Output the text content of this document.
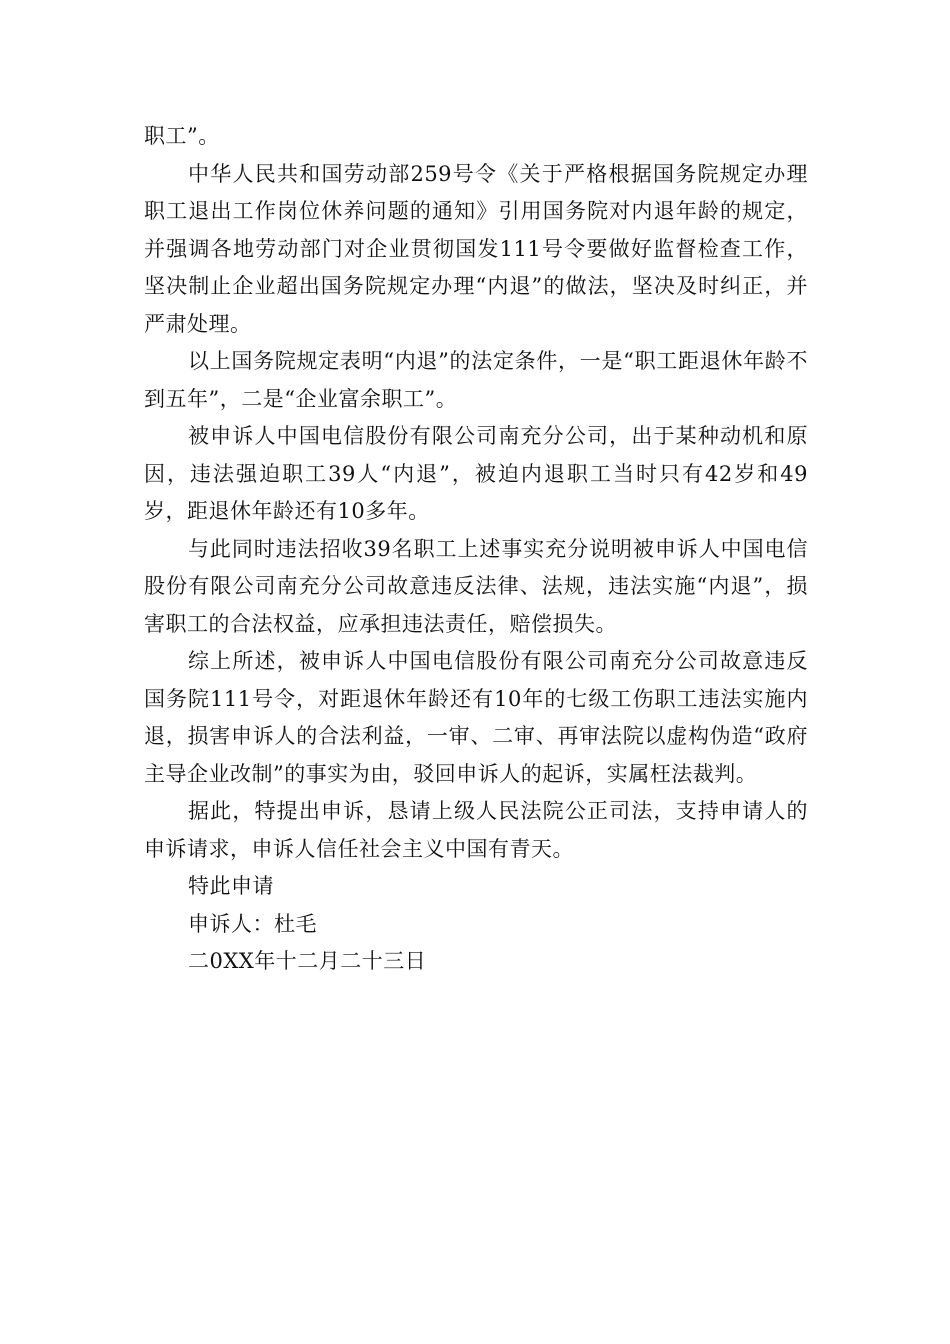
职工”。

中华人民共和国劳动部259号令《关于严格根据国务院规定办理职工退出工作岗位休养问题的通知》引用国务院对内退年龄的规定，并强调各地劳动部门对企业贯彻国发111号令要做好监督检查工作，坚决制止企业超出国务院规定办理“内退”的做法，坚决及时纠正，并严肃处理。

以上国务院规定表明“内退”的法定条件，一是“职工距退休年龄不到五年”，二是“企业富余职工”。

被申诉人中国电信股份有限公司南充分公司，出于某种动机和原因，违法强迫职工39人“内退”，被迫内退职工当时只有42岁和49岁，距退休年龄还有10多年。

与此同时违法招收39名职工上述事实充分说明被申诉人中国电信股份有限公司南充分公司故意违反法律、法规，违法实施“内退”，损害职工的合法权益，应承担违法责任，赔偿损失。

综上所述，被申诉人中国电信股份有限公司南充分公司故意违反国务院111号令，对距退休年龄还有10年的七级工伤职工违法实施内退，损害申诉人的合法利益，一审、二审、再审法院以虚构伪造“政府主导企业改制”的事实为由，驳回申诉人的起诉，实属枉法裁判。

据此，特提出申诉，恳请上级人民法院公正司法，支持申请人的申诉请求，申诉人信任社会主义中国有青天。

特此申请

申诉人：杜毛

二0XX年十二月二十三日
